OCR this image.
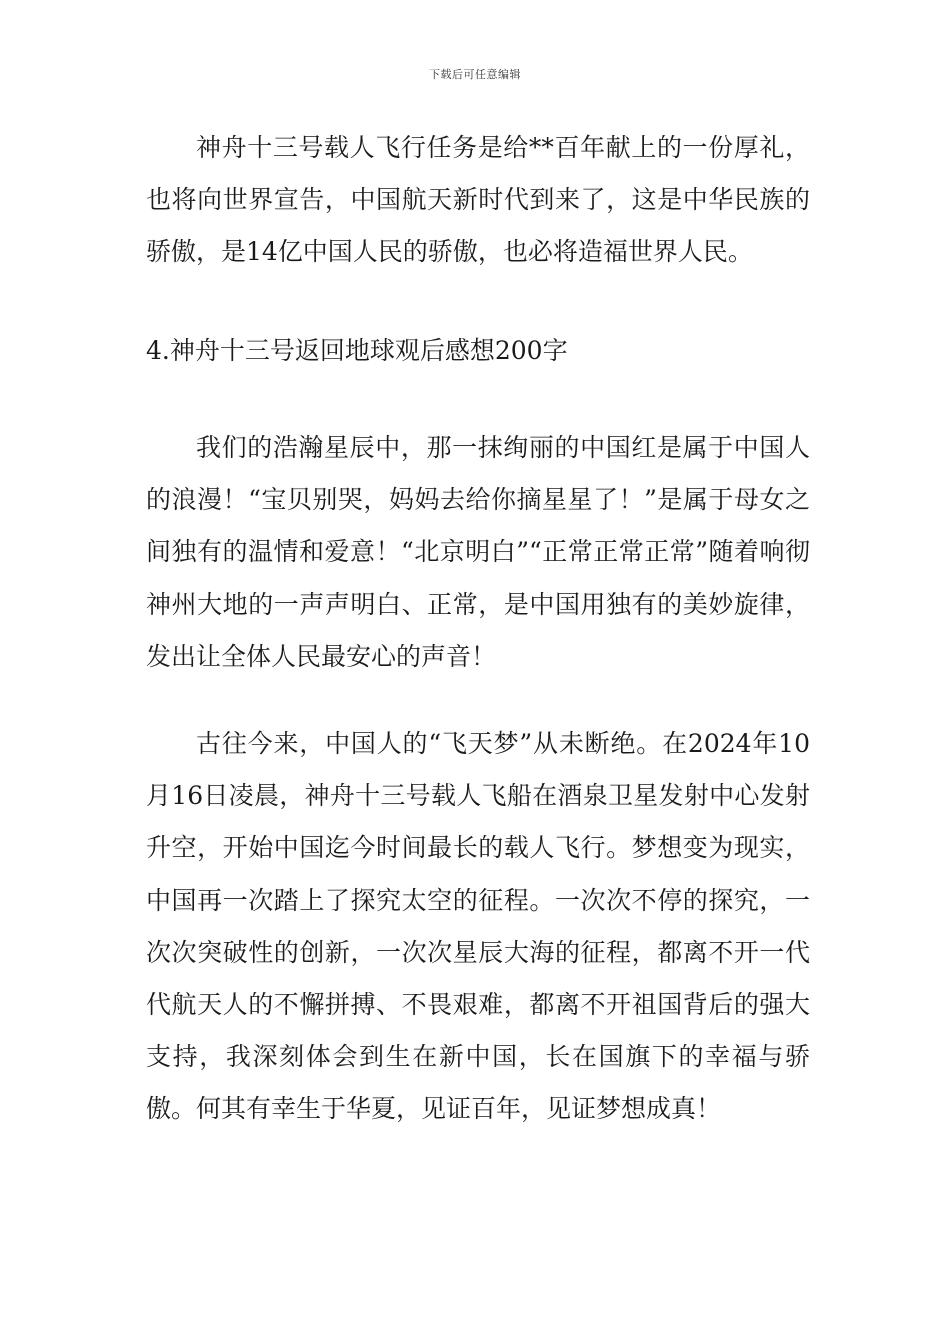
下载后可任意编辑

神舟十三号载人飞行任务是给**百年献上的一份厚礼，也将向世界宣告，中国航天新时代到来了，这是中华民族的骄傲，是14亿中国人民的骄傲，也必将造福世界人民。

4.神舟十三号返回地球观后感想200字

我们的浩瀚星辰中，那一抹绚丽的中国红是属于中国人的浪漫！“宝贝别哭，妈妈去给你摘星星了！”是属于母女之间独有的温情和爱意！“北京明白”“正常正常正常”随着响彻神州大地的一声声明白、正常，是中国用独有的美妙旋律，发出让全体人民最安心的声音！

古往今来，中国人的“飞天梦”从未断绝。在2024年10月16日凌晨，神舟十三号载人飞船在酒泉卫星发射中心发射升空，开始中国迄今时间最长的载人飞行。梦想变为现实，中国再一次踏上了探究太空的征程。一次次不停的探究，一次次突破性的创新，一次次星辰大海的征程，都离不开一代代航天人的不懈拼搏、不畏艰难，都离不开祖国背后的强大支持，我深刻体会到生在新中国，长在国旗下的幸福与骄傲。何其有幸生于华夏，见证百年，见证梦想成真！
